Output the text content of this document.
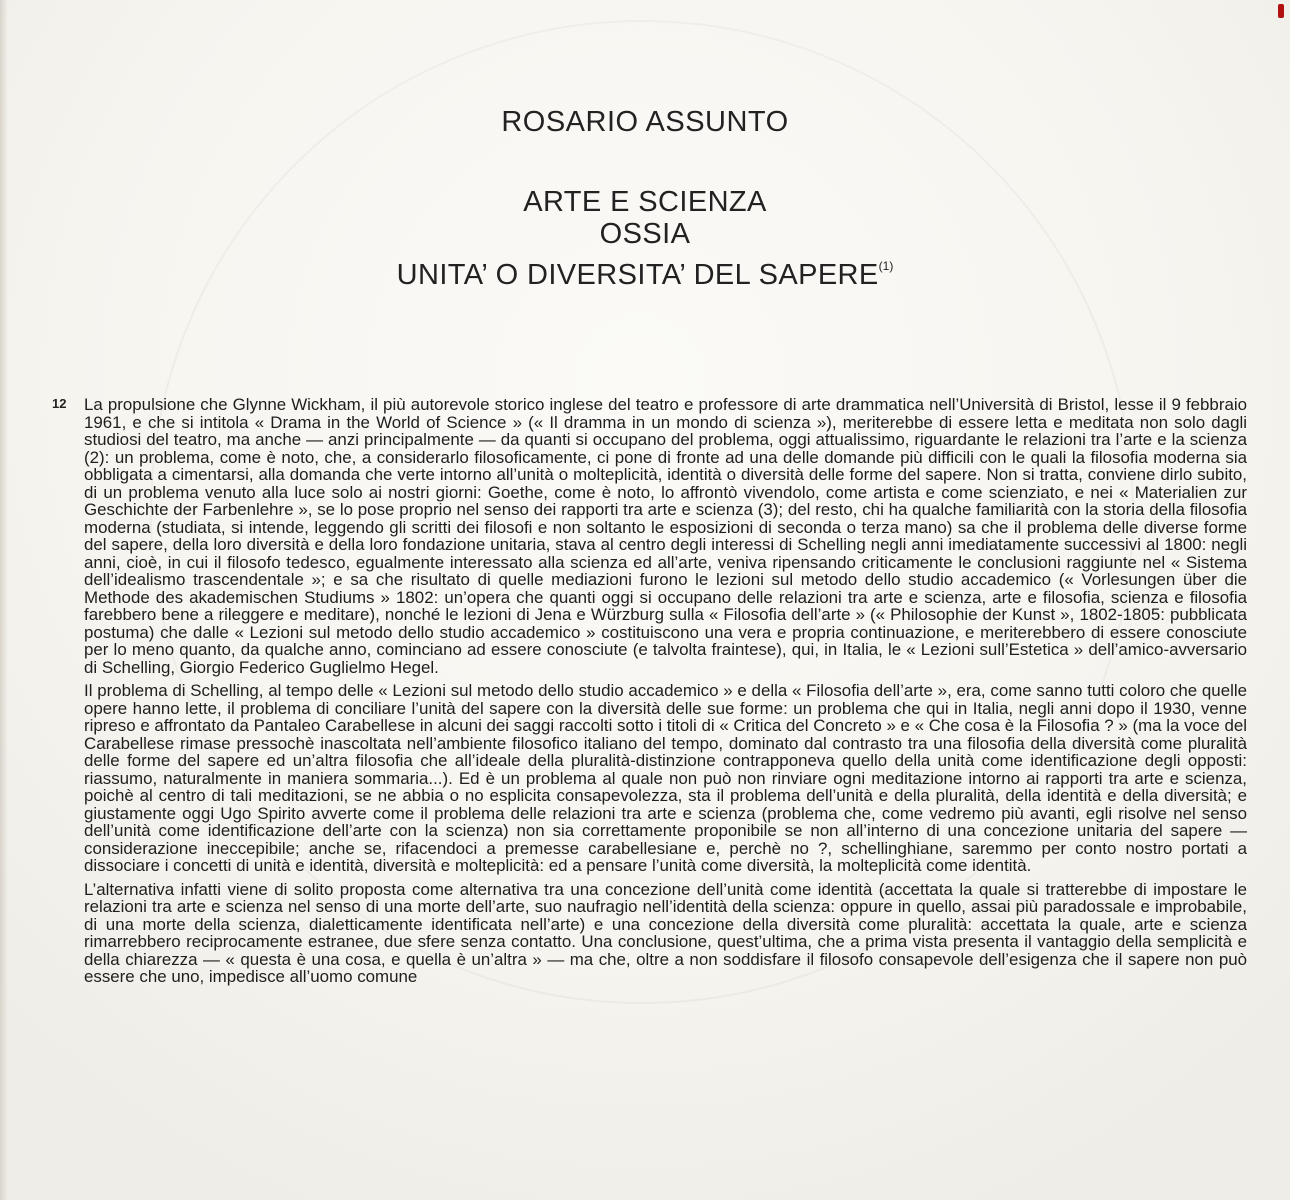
ROSARIO ASSUNTO
ARTE E SCIENZA
OSSIA
UNITA’ O DIVERSITA’ DEL SAPERE$^{(1)}$
12 La propulsione che Glynne Wickham, il più autorevole storico inglese del teatro e professore di arte drammatica nell’Università di Bristol, lesse il 9 febbraio 1961, e che si intitola « Drama in the World of Science » (« Il dramma in un mondo di scienza »), meriterebbe di essere letta e meditata non solo dagli studiosi del teatro, ma anche — anzi principalmente — da quanti si occupano del problema, oggi attualissimo, riguardante le relazioni tra l’arte e la scienza (2): un problema, come è noto, che, a considerarlo filosoficamente, ci pone di fronte ad una delle domande più difficili con le quali la filosofia moderna sia obbligata a cimentarsi, alla domanda che verte intorno all’unità o molteplicità, identità o diversità delle forme del sapere. Non si tratta, conviene dirlo subito, di un problema venuto alla luce solo ai nostri giorni: Goethe, come è noto, lo affrontò vivendolo, come artista e come scienziato, e nei « Materialien zur Geschichte der Farbenlehre », se lo pose proprio nel senso dei rapporti tra arte e scienza (3); del resto, chi ha qualche familiarità con la storia della filosofia moderna (studiata, si intende, leggendo gli scritti dei filosofi e non soltanto le esposizioni di seconda o terza mano) sa che il problema delle diverse forme del sapere, della loro diversità e della loro fondazione unitaria, stava al centro degli interessi di Schelling negli anni imediatamente successivi al 1800: negli anni, cioè, in cui il filosofo tedesco, egualmente interessato alla scienza ed all’arte, veniva ripensando criticamente le conclusioni raggiunte nel « Sistema dell’idealismo trascendentale »; e sa che risultato di quelle mediazioni furono le lezioni sul metodo dello studio accademico (« Vorlesungen über die Methode des akademischen Studiums » 1802: un’opera che quanti oggi si occupano delle relazioni tra arte e scienza, arte e filosofia, scienza e filosofia farebbero bene a rileggere e meditare), nonché le lezioni di Jena e Würzburg sulla « Filosofia dell’arte » (« Philosophie der Kunst », 1802-1805: pubblicata postuma) che dalle « Lezioni sul metodo dello studio accademico » costituiscono una vera e propria continuazione, e meriterebbero di essere conosciute per lo meno quanto, da qualche anno, cominciano ad essere conosciute (e talvolta fraintese), qui, in Italia, le « Lezioni sull’Estetica » dell’amico-avversario di Schelling, Giorgio Federico Guglielmo Hegel.

Il problema di Schelling, al tempo delle « Lezioni sul metodo dello studio accademico » e della « Filosofia dell’arte », era, come sanno tutti coloro che quelle opere hanno lette, il problema di conciliare l’unità del sapere con la diversità delle sue forme: un problema che qui in Italia, negli anni dopo il 1930, venne ripreso e affrontato da Pantaleo Carabellese in alcuni dei saggi raccolti sotto i titoli di « Critica del Concreto » e « Che cosa è la Filosofia ? » (ma la voce del Carabellese rimase pressochè inascoltata nell’ambiente filosofico italiano del tempo, dominato dal contrasto tra una filosofia della diversità come pluralità delle forme del sapere ed un’altra filosofia che all’ideale della pluralità-distinzione contrapponeva quello della unità come identificazione degli opposti: riassumo, naturalmente in maniera sommaria...). Ed è un problema al quale non può non rinviare ogni meditazione intorno ai rapporti tra arte e scienza, poichè al centro di tali meditazioni, se ne abbia o no esplicita consapevolezza, sta il problema dell’unità e della pluralità, della identità e della diversità; e giustamente oggi Ugo Spirito avverte come il problema delle relazioni tra arte e scienza (problema che, come vedremo più avanti, egli risolve nel senso dell’unità come identificazione dell’arte con la scienza) non sia correttamente proponibile se non all’interno di una concezione unitaria del sapere — considerazione ineccepibile; anche se, rifacendoci a premesse carabellesiane e, perchè no ?, schellinghiane, saremmo per conto nostro portati a dissociare i concetti di unità e identità, diversità e molteplicità: ed a pensare l’unità come diversità, la molteplicità come identità.

L’alternativa infatti viene di solito proposta come alternativa tra una concezione dell’unità come identità (accettata la quale si tratterebbe di impostare le relazioni tra arte e scienza nel senso di una morte dell’arte, suo naufragio nell’identità della scienza: oppure in quello, assai più paradossale e improbabile, di una morte della scienza, dialetticamente identificata nell’arte) e una concezione della diversità come pluralità: accettata la quale, arte e scienza rimarrebbero reciprocamente estranee, due sfere senza contatto. Una conclusione, quest’ultima, che a prima vista presenta il vantaggio della semplicità e della chiarezza — « questa è una cosa, e quella è un’altra » — ma che, oltre a non soddisfare il filosofo consapevole dell’esigenza che il sapere non può essere che uno, impedisce all’uomo comune
